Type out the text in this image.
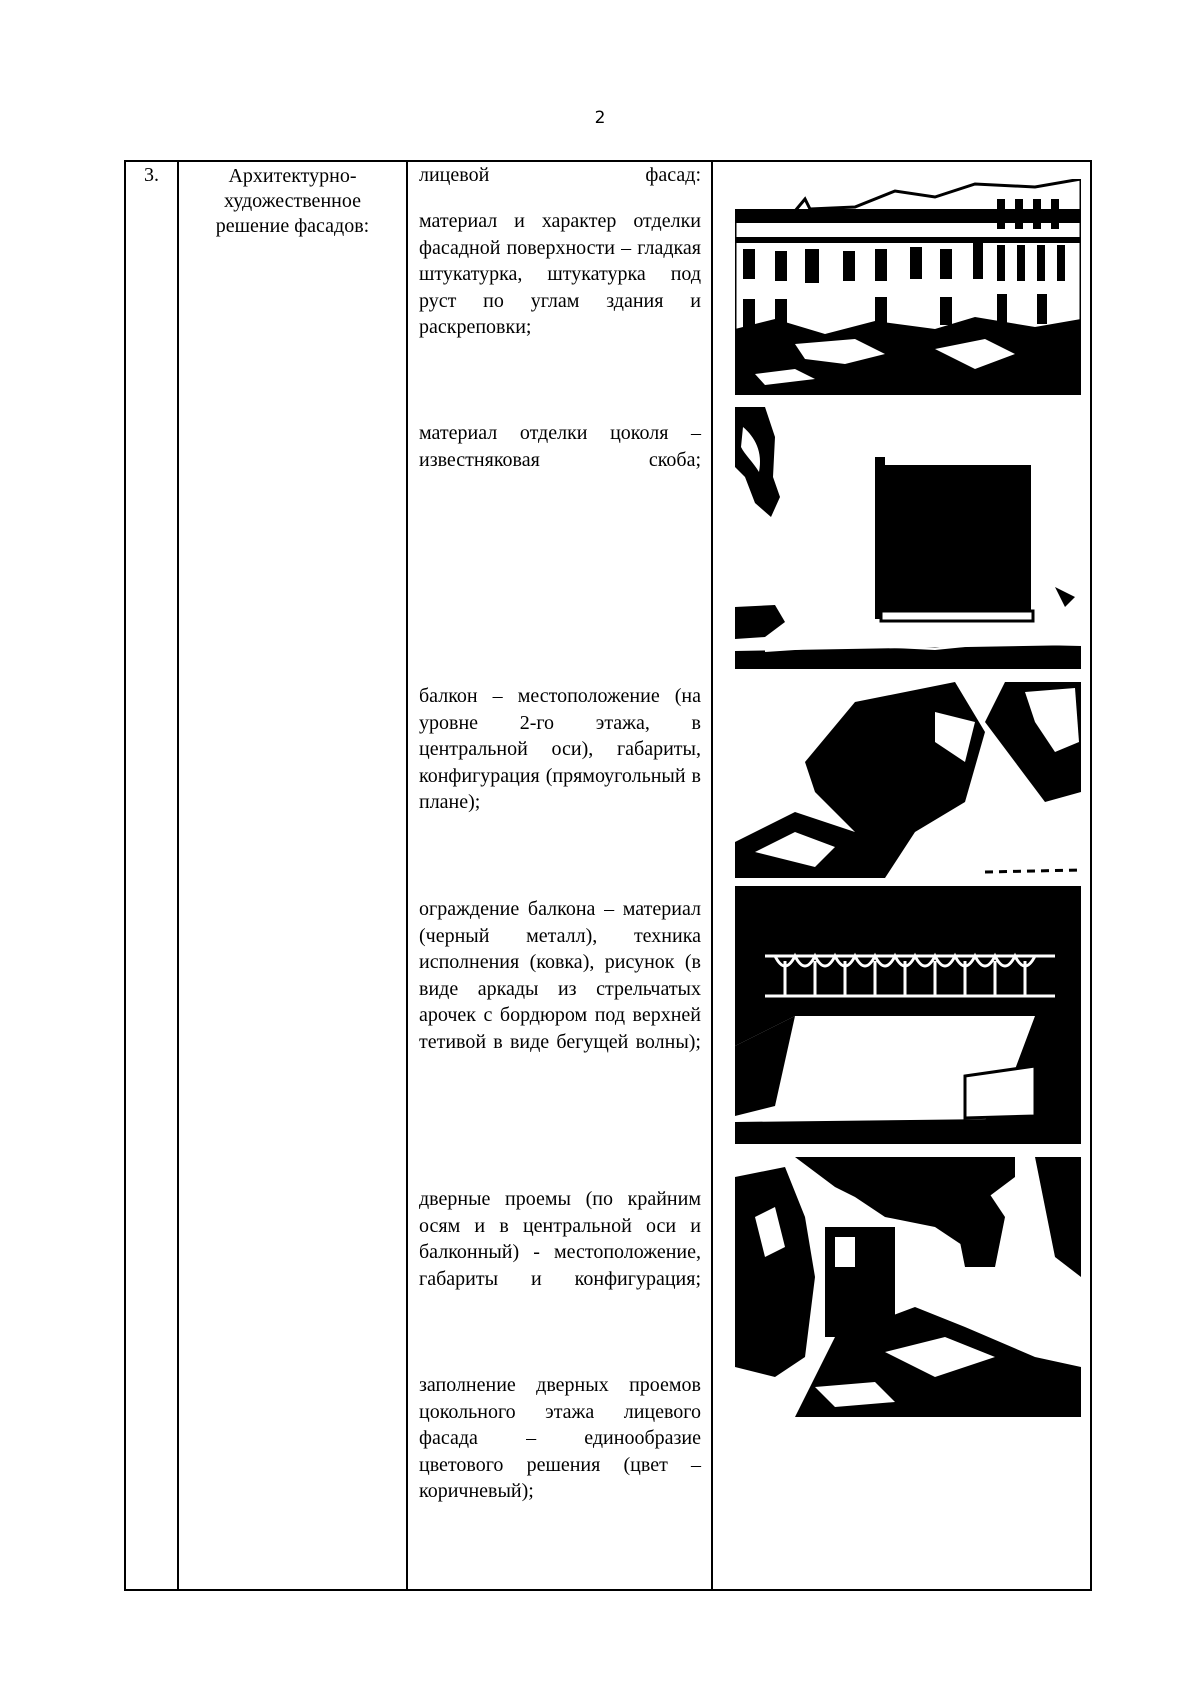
2
3.	Архитектурно-художественное решение фасадов:	
лицевой фасад:
материал и характер отделки фасадной поверхности – гладкая штукатурка, штукатурка под руст по углам здания и раскреповки;
материал отделки цоколя – известняковая скоба;
балкон – местоположение (на уровне 2-го этажа, в центральной оси), габариты, конфигурация (прямоугольный в плане);
ограждение балкона – материал (черный металл), техника исполнения (ковка), рисунок (в виде аркады из стрельчатых арочек с бордюром под верхней тетивой в виде бегущей волны);
дверные проемы (по крайним осям и в центральной оси и балконный) - местоположение, габариты и конфигурация;
заполнение дверных проемов цокольного этажа лицевого фасада – единообразие цветового решения (цвет – коричневый);
